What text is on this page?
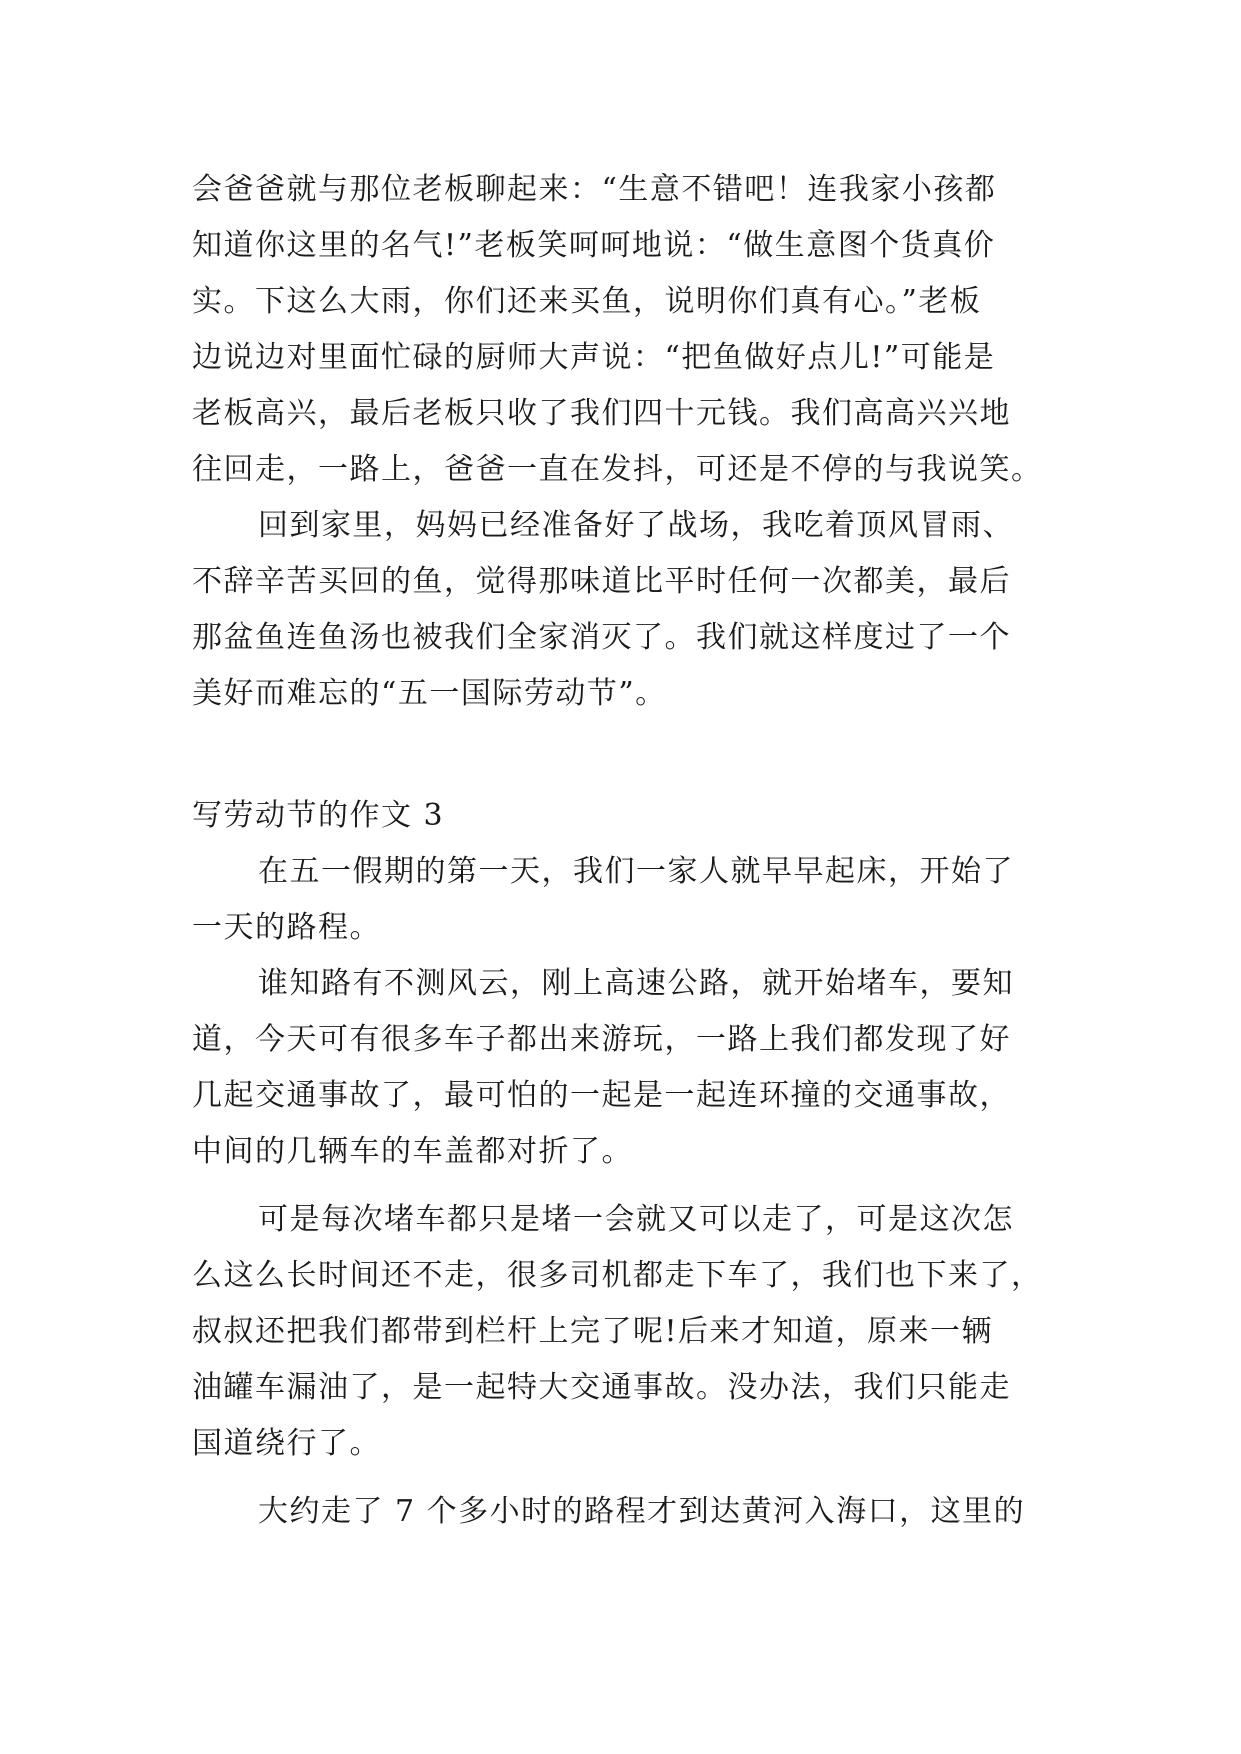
会爸爸就与那位老板聊起来：“生意不错吧！连我家小孩都
知道你这里的名气!”老板笑呵呵地说：“做生意图个货真价
实。下这么大雨，你们还来买鱼，说明你们真有心。”老板
边说边对里面忙碌的厨师大声说：“把鱼做好点儿!”可能是
老板高兴，最后老板只收了我们四十元钱。我们高高兴兴地
往回走，一路上，爸爸一直在发抖，可还是不停的与我说笑。
回到家里，妈妈已经准备好了战场，我吃着顶风冒雨、
不辞辛苦买回的鱼，觉得那味道比平时任何一次都美，最后
那盆鱼连鱼汤也被我们全家消灭了。我们就这样度过了一个
美好而难忘的“五一国际劳动节”。
写劳动节的作文 3
在五一假期的第一天，我们一家人就早早起床，开始了
一天的路程。
谁知路有不测风云，刚上高速公路，就开始堵车，要知
道，今天可有很多车子都出来游玩，一路上我们都发现了好
几起交通事故了，最可怕的一起是一起连环撞的交通事故，
中间的几辆车的车盖都对折了。
可是每次堵车都只是堵一会就又可以走了，可是这次怎
么这么长时间还不走，很多司机都走下车了，我们也下来了，
叔叔还把我们都带到栏杆上完了呢!后来才知道，原来一辆
油罐车漏油了，是一起特大交通事故。没办法，我们只能走
国道绕行了。
大约走了 7 个多小时的路程才到达黄河入海口，这里的
